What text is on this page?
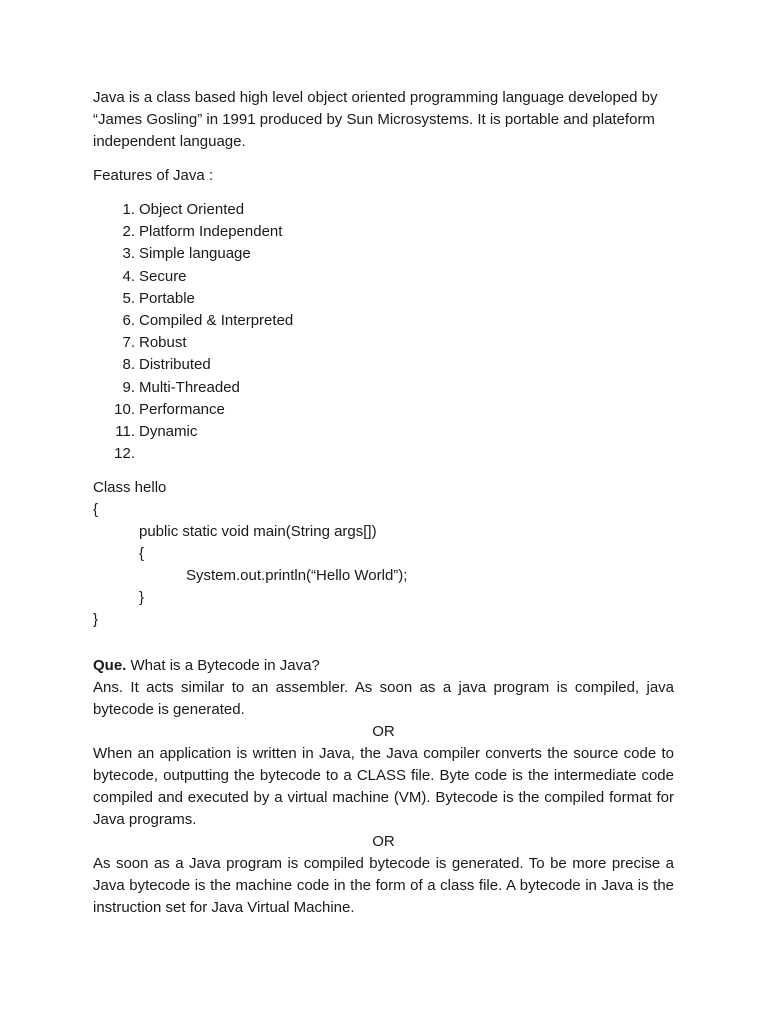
Java is a class based high level object oriented programming language developed by

“James Gosling” in 1991 produced by Sun Microsystems. It is portable and plateform

independent language.

Features of Java :

1. Object Oriented
2. Platform Independent
3. Simple language
4. Secure
5. Portable
6. Compiled & Interpreted
7. Robust
8. Distributed
9. Multi-Threaded
10. Performance
11. Dynamic
12.
Class hello
{
public static void main(String args[])
{
System.out.println(“Hello World”);
}
}

Que. What is a Bytecode in Java?

Ans. It acts similar to an assembler. As soon as a java program is compiled, java bytecode is generated.

OR

When an application is written in Java, the Java compiler converts the source code to bytecode, outputting the bytecode to a CLASS file. Byte code is the intermediate code compiled and executed by a virtual machine (VM). Bytecode is the compiled format for Java programs.

OR

As soon as a Java program is compiled bytecode is generated. To be more precise a Java bytecode is the machine code in the form of a class file. A bytecode in Java is the instruction set for Java Virtual Machine.
